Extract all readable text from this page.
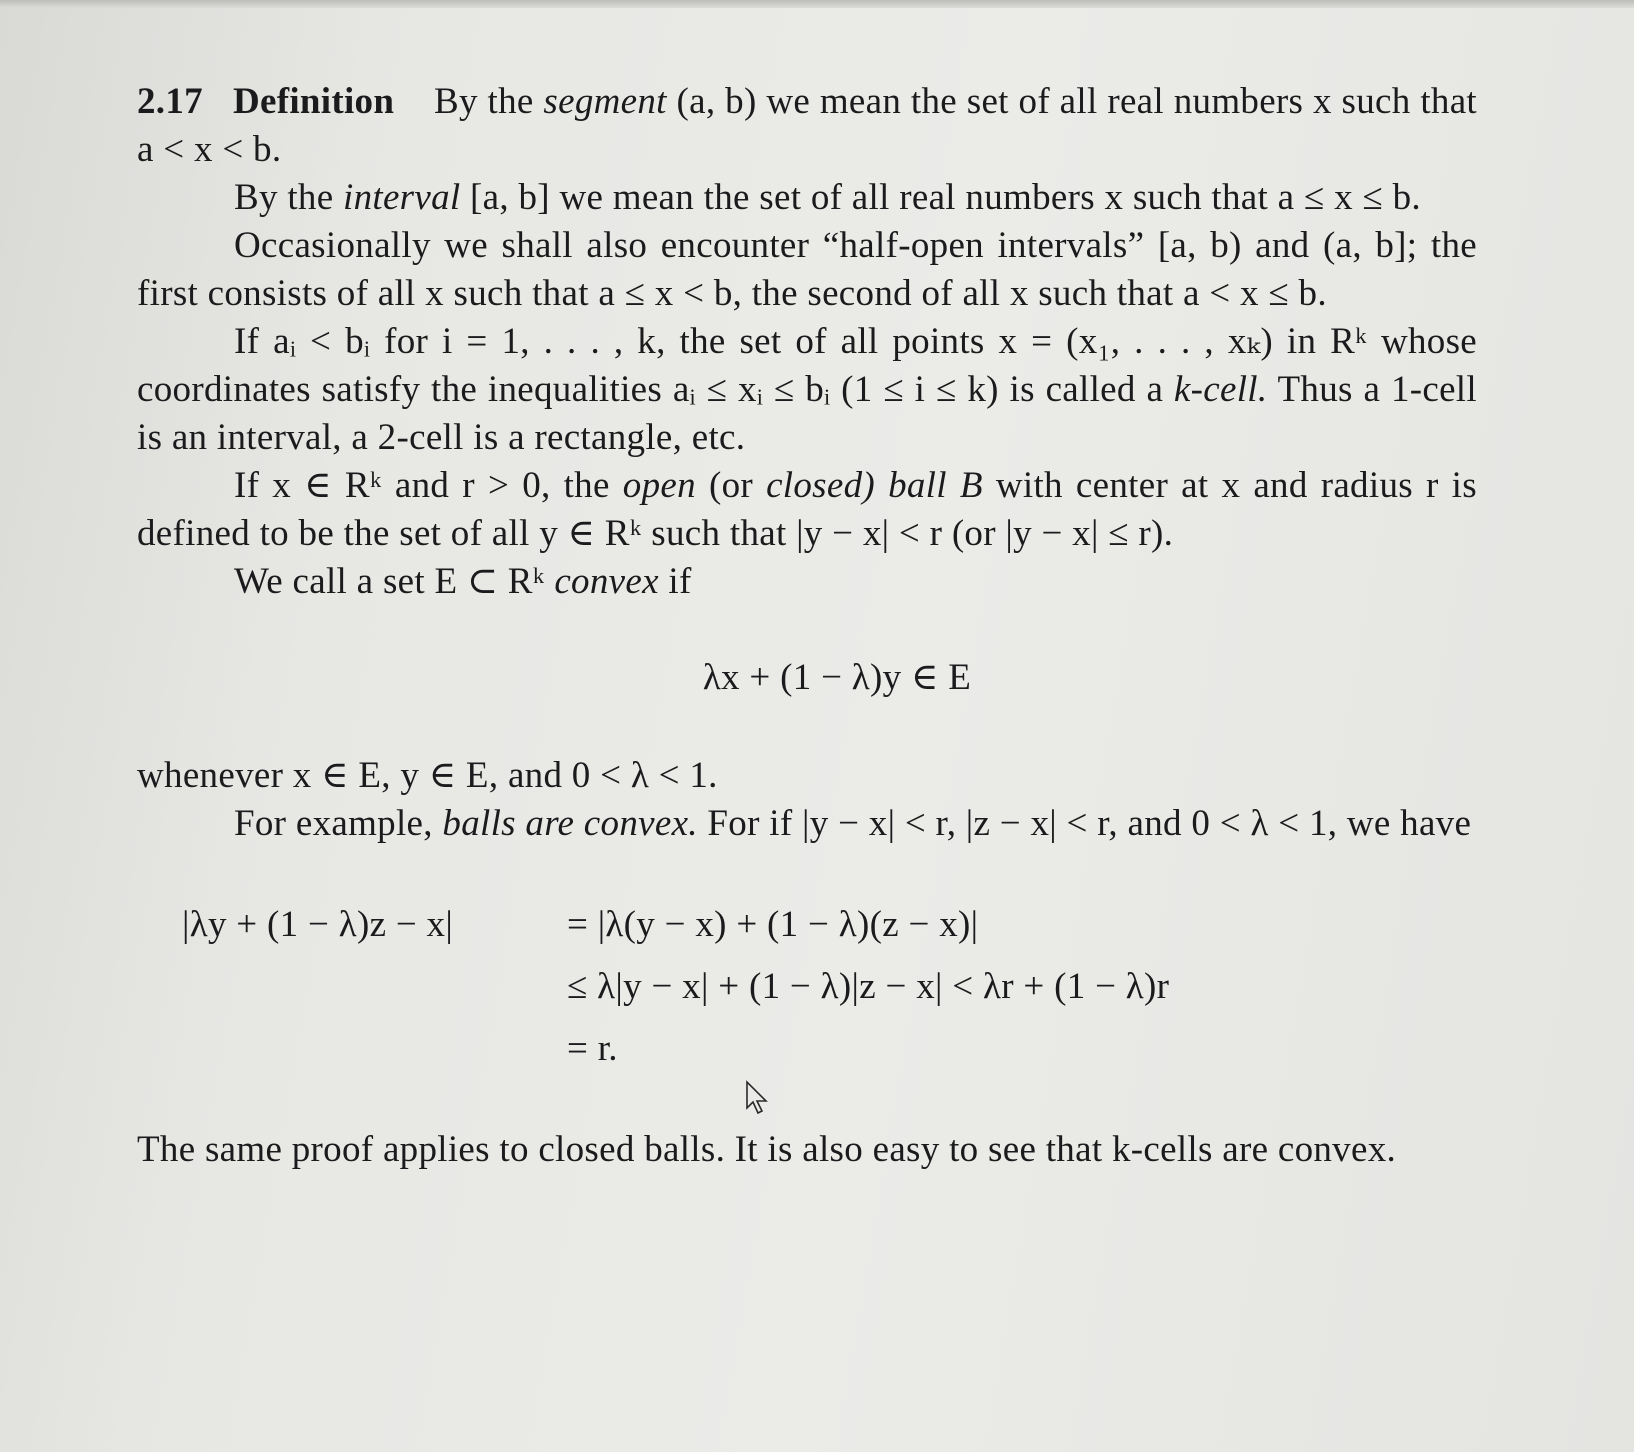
2.17 Definition By the segment (a, b) we mean the set of all real numbers x such that a < x < b.

By the interval [a, b] we mean the set of all real numbers x such that a ≤ x ≤ b.

Occasionally we shall also encounter “half-open intervals” [a, b) and (a, b]; the first consists of all x such that a ≤ x < b, the second of all x such that a < x ≤ b.

If aᵢ < bᵢ for i = 1, . . . , k, the set of all points x = (x₁, . . . , xₖ) in Rᵏ whose coordinates satisfy the inequalities aᵢ ≤ xᵢ ≤ bᵢ (1 ≤ i ≤ k) is called a k-cell. Thus a 1-cell is an interval, a 2-cell is a rectangle, etc.

If x ∈ Rᵏ and r > 0, the open (or closed) ball B with center at x and radius r is defined to be the set of all y ∈ Rᵏ such that |y − x| < r (or |y − x| ≤ r).

We call a set E ⊂ Rᵏ convex if

λx + (1 − λ)y ∈ E

whenever x ∈ E, y ∈ E, and 0 < λ < 1.

For example, balls are convex. For if |y − x| < r, |z − x| < r, and 0 < λ < 1, we have

|λy + (1 − λ)z − x|	= |λ(y − x) + (1 − λ)(z − x)|
≤ λ|y − x| + (1 − λ)|z − x| < λr + (1 − λ)r
= r.

The same proof applies to closed balls. It is also easy to see that k-cells are convex.
